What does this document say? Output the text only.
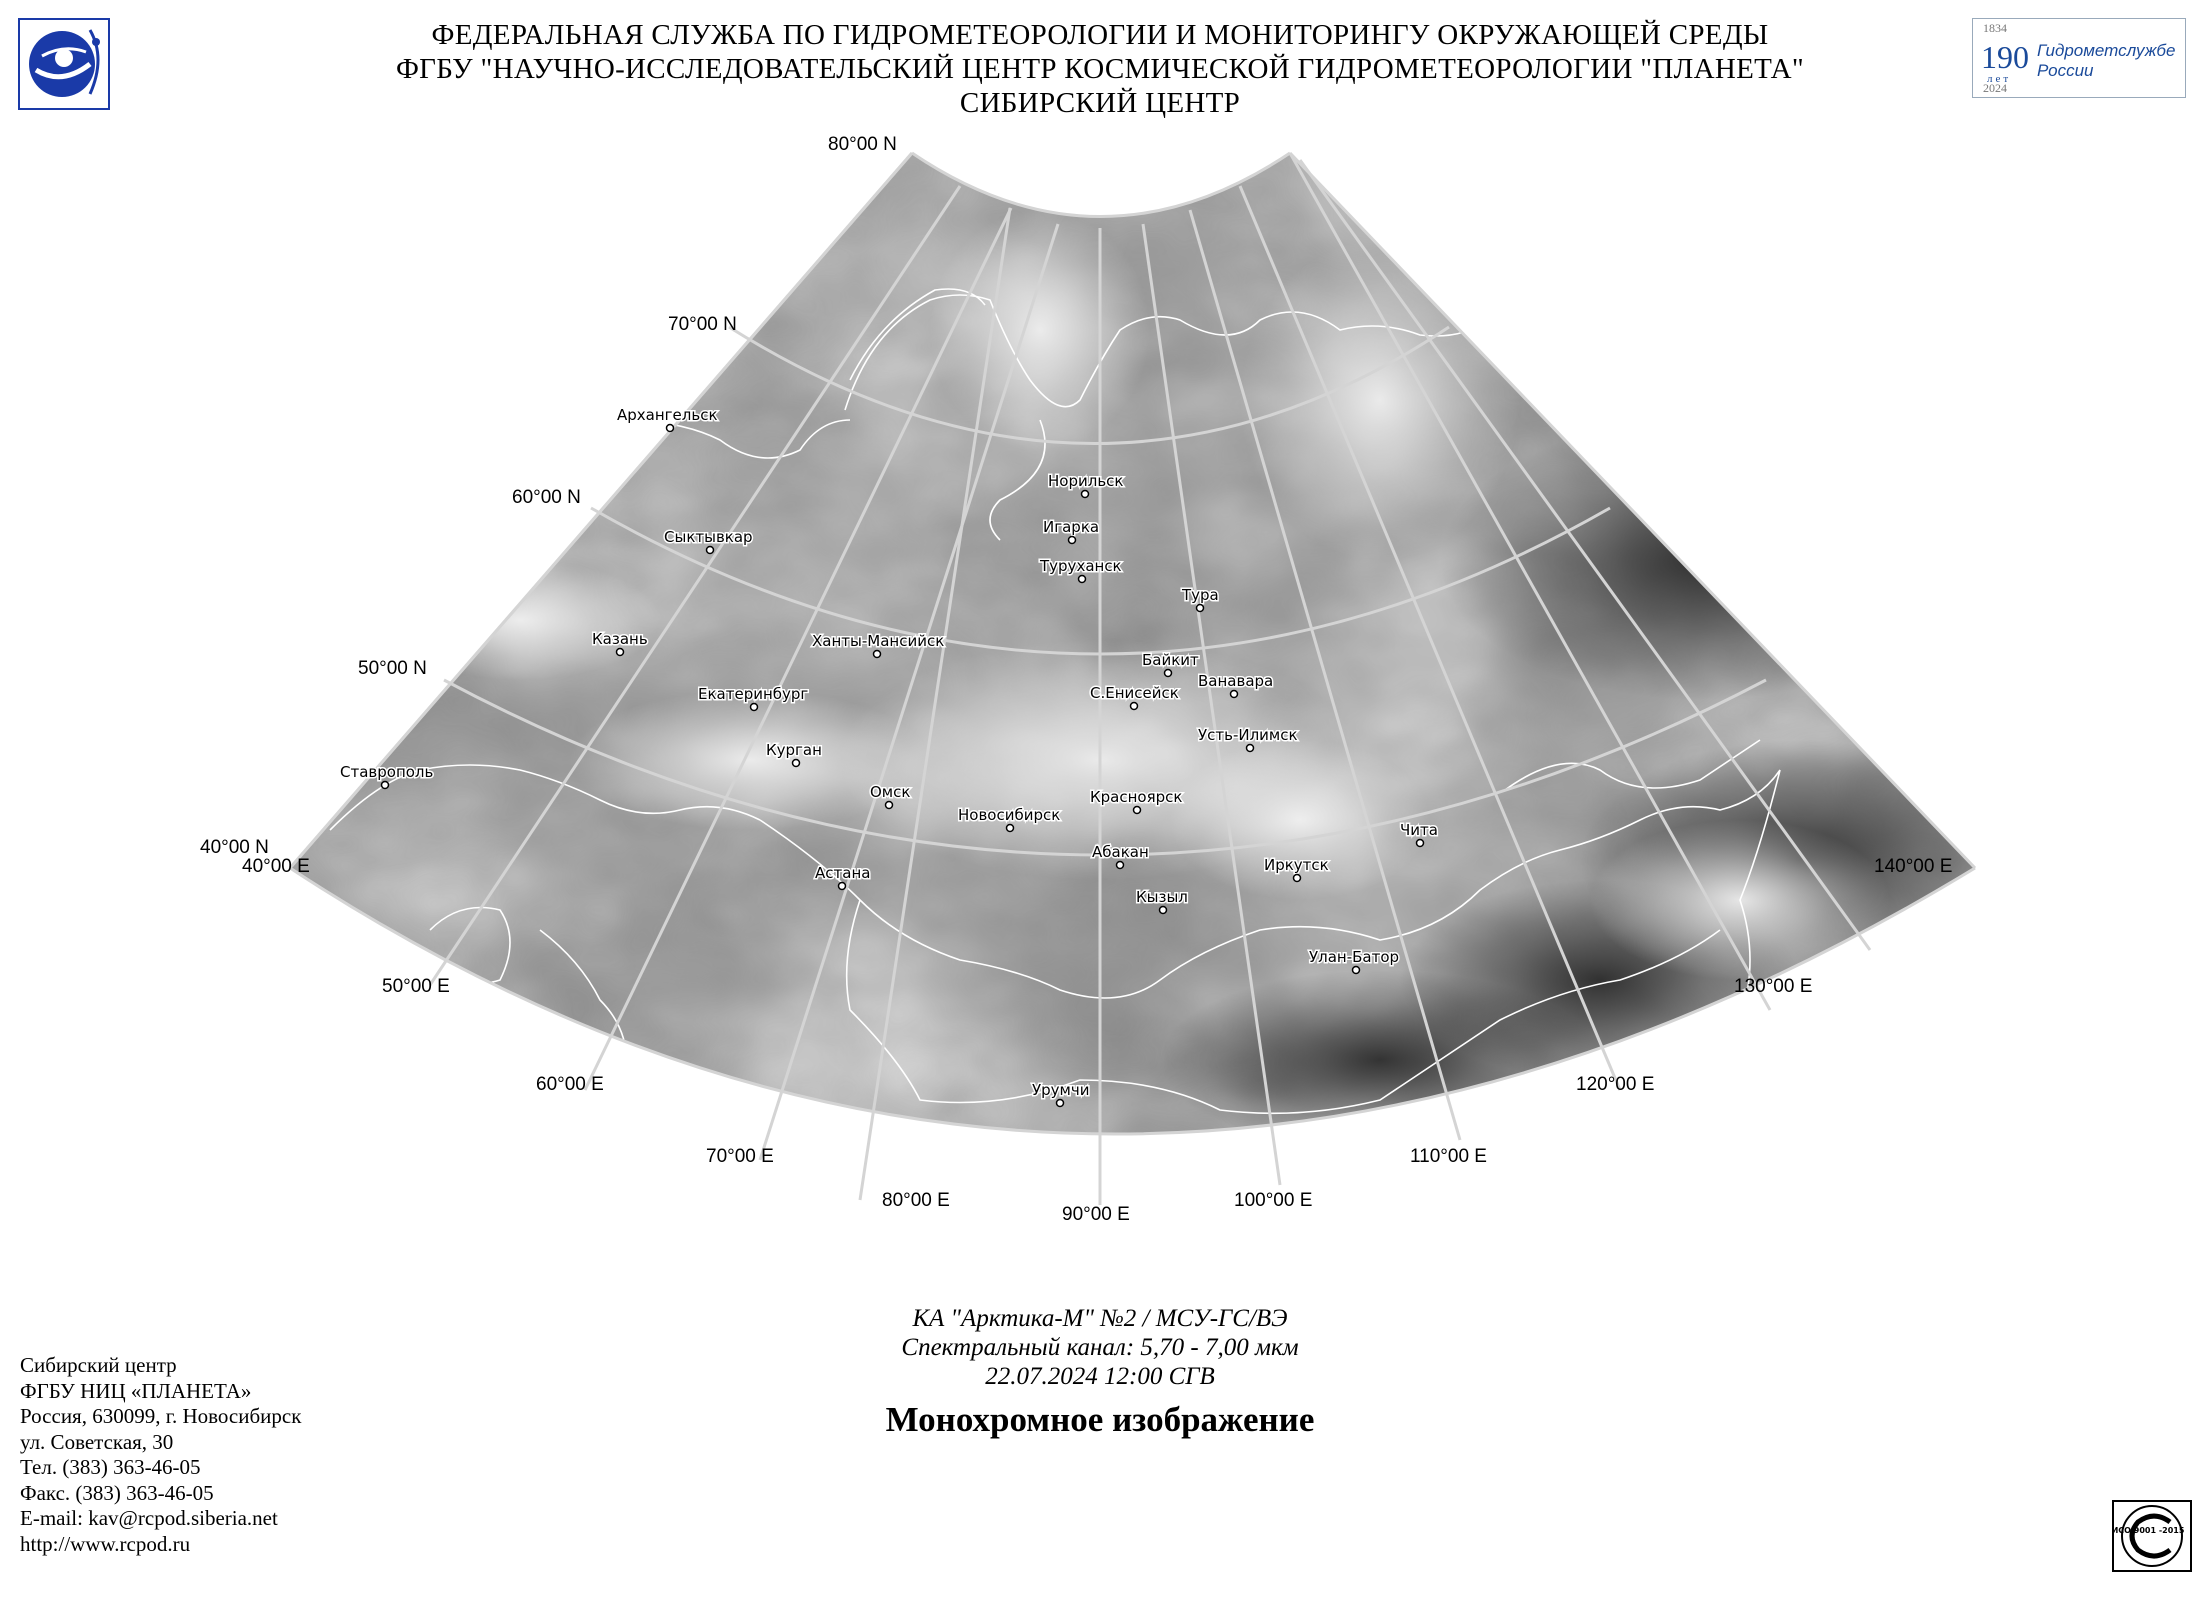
ФЕДЕРАЛЬНАЯ СЛУЖБА ПО ГИДРОМЕТЕОРОЛОГИИ И МОНИТОРИНГУ ОКРУЖАЮЩЕЙ СРЕДЫ
ФГБУ "НАУЧНО-ИССЛЕДОВАТЕЛЬСКИЙ ЦЕНТР КОСМИЧЕСКОЙ ГИДРОМЕТЕОРОЛОГИИ "ПЛАНЕТА"
СИБИРСКИЙ ЦЕНТР
1834
190
лет
Гидрометслужбе России
2024
80°00 N
70°00 N
60°00 N
50°00 N
40°00 N
40°00 E
50°00 E
60°00 E
70°00 E
80°00 E
90°00 E
100°00 E
110°00 E
120°00 E
130°00 E
140°00 E
Архангельск
Сыктывкар
Норильск
Игарка
Туруханск
Тура
Казань	Ханты-Мансийск
Байкит
Ванавара
С.Енисейск
Екатеринбург
Усть-Илимск
Курган
Ставрополь
Омск
Новосибирск
Красноярск
Чита
Абакан
Иркутск
Астана
Кызыл
Улан-Батор
Урумчи
КА "Арктика-М" №2 / МСУ-ГС/ВЭ
Спектральный канал: 5,70 - 7,00 мкм
22.07.2024 12:00 СГВ
Монохромное изображение
Сибирский центр
ФГБУ НИЦ «ПЛАНЕТА»
Россия, 630099, г. Новосибирск
ул. Советская, 30
Тел. (383) 363-46-05
Факс. (383) 363-46-05
E-mail: kav@rcpod.siberia.net
http://www.rcpod.ru
ИСО 9001 -2015
